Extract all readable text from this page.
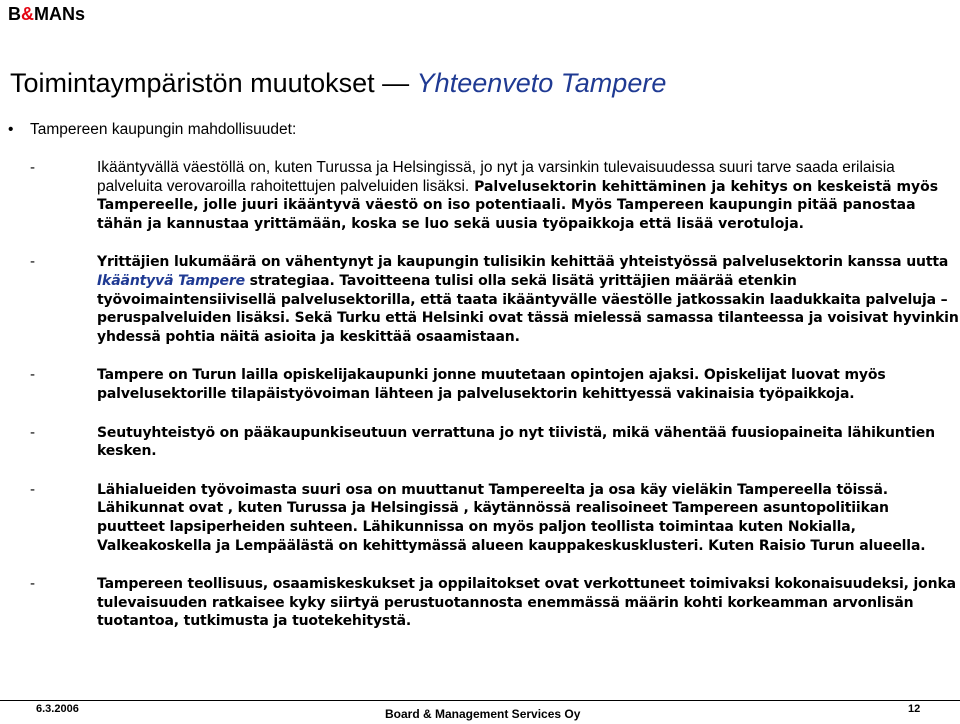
B&MANs
Toimintaympäristön muutokset — Yhteenveto Tampere
• Tampereen kaupungin mahdollisuudet:
-	Ikääntyvällä väestöllä on, kuten Turussa ja Helsingissä, jo nyt ja varsinkin tulevaisuudessa suuri tarve saada erilaisia palveluita verovaroilla rahoitettujen palveluiden lisäksi. Palvelusektorin kehittäminen ja kehitys on keskeistä myös Tampereelle, jolle juuri ikääntyvä väestö on iso potentiaali. Myös Tampereen kaupungin pitää panostaa tähän ja kannustaa yrittämään, koska se luo sekä uusia työpaikkoja että lisää verotuloja.
-	Yrittäjien lukumäärä on vähentynyt ja kaupungin tulisikin kehittää yhteistyössä palvelusektorin kanssa uutta Ikääntyvä Tampere strategiaa. Tavoitteena tulisi olla sekä lisätä yrittäjien määrää etenkin työvoimaintensiivisellä palvelusektorilla, että taata ikääntyvälle väestölle jatkossakin laadukkaita palveluja – peruspalveluiden lisäksi. Sekä Turku että Helsinki ovat tässä mielessä samassa tilanteessa ja voisivat hyvinkin yhdessä pohtia näitä asioita ja keskittää osaamistaan.
-	Tampere on Turun lailla opiskelijakaupunki jonne muutetaan opintojen ajaksi. Opiskelijat luovat myös palvelusektorille tilapäistyövoiman lähteen ja palvelusektorin kehittyessä vakinaisia työpaikkoja.
-	Seutuyhteistyö on pääkaupunkiseutuun verrattuna jo nyt tiivistä, mikä vähentää fuusiopaineita lähikuntien kesken.
-	Lähialueiden työvoimasta suuri osa on muuttanut Tampereelta ja osa käy vieläkin Tampereella töissä. Lähikunnat ovat , kuten Turussa ja Helsingissä , käytännössä realisoineet Tampereen asuntopolitiikan puutteet lapsiperheiden suhteen. Lähikunnissa on myös paljon teollista toimintaa kuten Nokialla, Valkeakoskella ja Lempäälästä on kehittymässä alueen kauppakeskusklusteri. Kuten Raisio Turun alueella.
-	Tampereen teollisuus, osaamiskeskukset ja oppilaitokset ovat verkottuneet toimivaksi kokonaisuudeksi, jonka tulevaisuuden ratkaisee kyky siirtyä perustuotannosta enemmässä määrin kohti korkeamman arvonlisän tuotantoa, tutkimusta ja tuotekehitystä.
6.3.2006	Board & Management Services Oy	12
